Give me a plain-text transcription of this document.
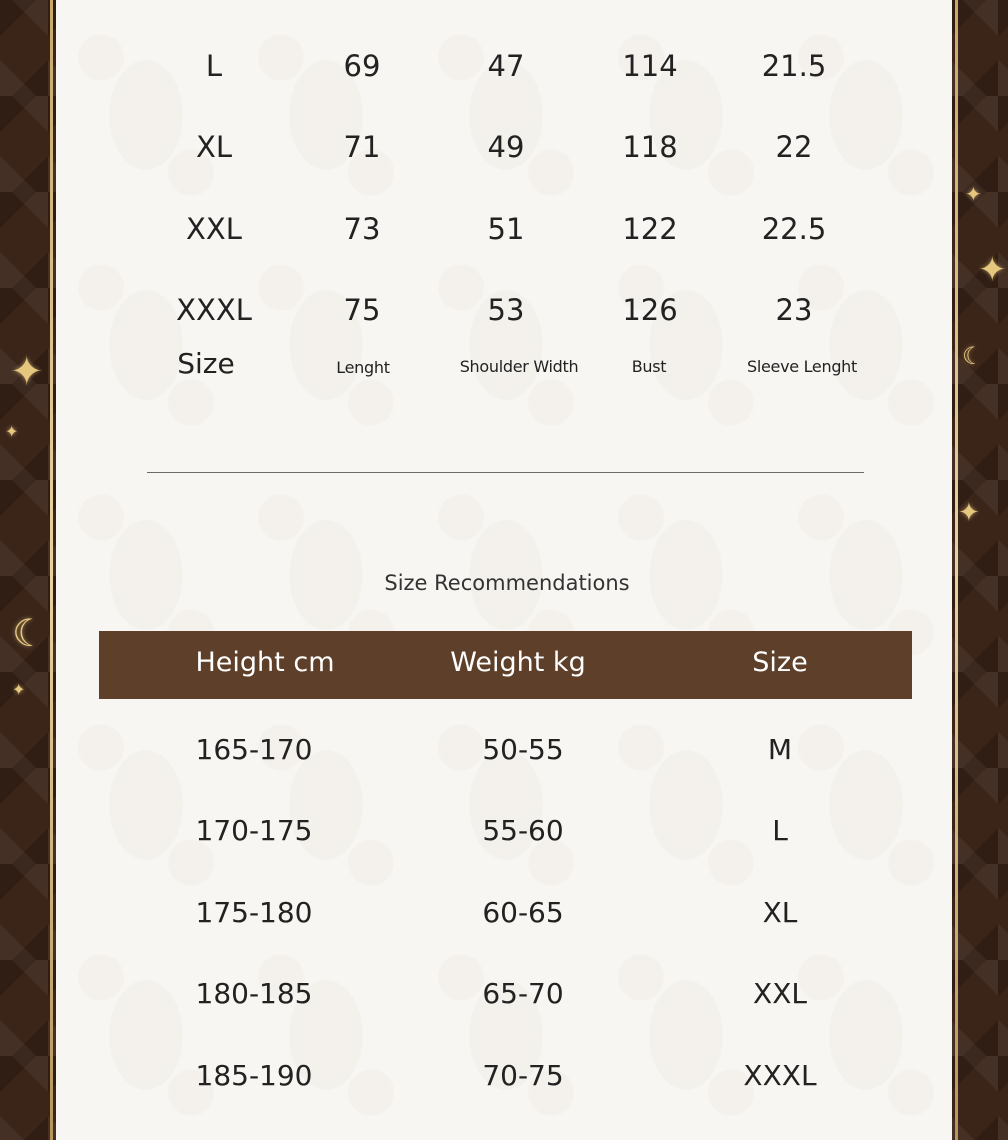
✦
✦
☾
✦
✦
✦
☾
✦
L	69	47	114	21.5
XL	71	49	118	22
XXL	73	51	122	22.5
XXXL	75	53	126	23
Size	Lenght	Shoulder Width	Bust	Sleeve Lenght
Size Recommendations
Height cm	Weight kg	Size
165-170	50-55	M
170-175	55-60	L
175-180	60-65	XL
180-185	65-70	XXL
185-190	70-75	XXXL
